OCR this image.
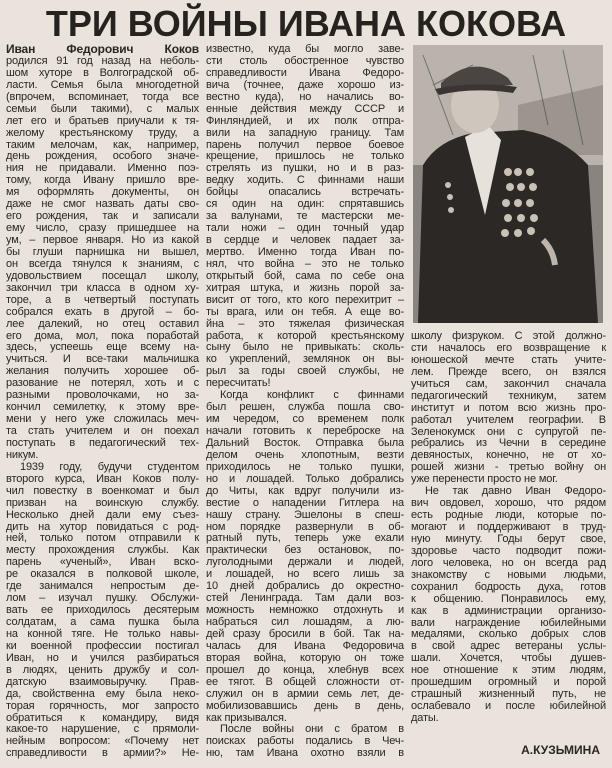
ТРИ ВОЙНЫ ИВАНА КОКОВА
Иван Федорович Коков
родился 91 год назад на неболь-
шом хуторе в Волгоградской об-
ласти. Семья была многодетной
(впрочем, вспоминает, тогда все
семьи были такими), с малых
лет его и братьев приучали к тя-
желому крестьянскому труду, а
таким мелочам, как, например,
день рождения, особого значе-
ния не придавали. Именно поэ-
тому, когда Ивану пришло вре-
мя оформлять документы, он
даже не смог назвать даты сво-
его рождения, так и записали
ему число, сразу пришедшее на
ум, – первое января. Но из какой
бы глуши парнишка ни вышел,
он всегда тянулся к знаниям, с
удовольствием посещал школу,
закончил три класса в одном ху-
торе, а в четвертый поступать
собрался ехать в другой – бо-
лее далекий, но отец оставил
его дома, мол, пока поработай
здесь, успеешь еще всему на-
учиться. И все-таки мальчишка
желания получить хорошее об-
разование не потерял, хоть и с
разными проволочками, но за-
кончил семилетку, к этому вре-
мени у него уже сложилась меч-
та стать учителем и он поехал
поступать в педагогический тех-
никум.
1939 году, будучи студентом
второго курса, Иван Коков полу-
чил повестку в военкомат и был
призван на воинскую службу.
Несколько дней дали ему съез-
дить на хутор повидаться с род-
ней, только потом отправили к
месту прохождения службы. Как
парень «ученый», Иван вско-
ре оказался в полковой школе,
где занимался непростым де-
лом – изучал пушку. Обслужи-
вать ее приходилось десятерым
солдатам, а сама пушка была
на конной тяге. Не только навы-
ки военной профессии постигал
Иван, но и учился разбираться
в людях, ценить дружбу и сол-
датскую взаимовыручку. Прав-
да, свойственна ему была неко-
торая горячность, мог запросто
обратиться к командиру, видя
какое-то нарушение, с прямоли-
нейным вопросом: «Почему нет
справедливости в армии?» Не-
известно, куда бы могло заве-
сти столь обостренное чувство
справедливости Ивана Федоро-
вича (точнее, даже хорошо из-
вестно куда), но начались во-
енные действия между СССР и
Финляндией, и их полк отпра-
вили на западную границу. Там
парень получил первое боевое
крещение, пришлось не только
стрелять из пушки, но и в раз-
ведку ходить. С финнами наши
бойцы опасались встречать-
ся один на один: спрятавшись
за валунами, те мастерски ме-
тали ножи – один точный удар
в сердце и человек падает за-
мертво. Именно тогда Иван по-
нял, что война – это не только
открытый бой, сама по себе она
хитрая штука, и жизнь порой за-
висит от того, кто кого перехитрит –
ты врага, или он тебя. А еще во-
йна – это тяжелая физическая
работа, к которой крестьянскому
сыну было не привыкать: сколь-
ко укреплений, землянок он вы-
рыл за годы своей службы, не
пересчитать!
Когда конфликт с финнами
был решен, служба пошла сво-
им чередом, со временем полк
начали готовить к переброске на
Дальний Восток. Отправка была
делом очень хлопотным, везти
приходилось не только пушки,
но и лошадей. Только добрались
до Читы, как вдруг получили из-
вестие о нападении Гитлера на
нашу страну. Эшелоны в спеш-
ном порядке развернули в об-
ратный путь, теперь уже ехали
практически без остановок, по-
луголодными держали и людей,
и лошадей, но всего лишь за
10 дней добрались до окрестно-
стей Ленинграда. Там дали воз-
можность немножко отдохнуть и
набраться сил лошадям, а лю-
дей сразу бросили в бой. Так на-
чалась для Ивана Федоровича
вторая война, которую он тоже
прошел до конца, хлебнув всех
ее тягот. В общей сложности от-
служил он в армии семь лет, де-
мобилизовавшись день в день,
как призывался.
После войны они с братом в
поисках работы подались в Чеч-
ню, там Ивана охотно взяли в
школу физруком. С этой должно-
сти началось его возвращение к
юношеской мечте стать учите-
лем. Прежде всего, он взялся
учиться сам, закончил сначала
педагогический техникум, затем
институт и потом всю жизнь про-
работал учителем географии. В
Зеленокумск они с супругой пе-
ребрались из Чечни в середине
девяностых, конечно, не от хо-
рошей жизни - третью войну он
уже перенести просто не мог.
Не так давно Иван Федоро-
вич овдовел, хорошо, что рядом
есть родные люди, которые по-
могают и поддерживают в труд-
ную минуту. Годы берут свое,
здоровье часто подводит пожи-
лого человека, но он всегда рад
знакомству с новыми людьми,
сохранил бодрость духа, готов
к общению. Понравилось ему,
как в администрации организо-
вали награждение юбилейными
медалями, сколько добрых слов
в свой адрес ветераны услы-
шали. Хочется, чтобы душев-
ное отношение к этим людям,
прошедшим огромный и порой
страшный жизненный путь, не
ослабевало и после юбилейной
даты.
А.КУЗЬМИНА
